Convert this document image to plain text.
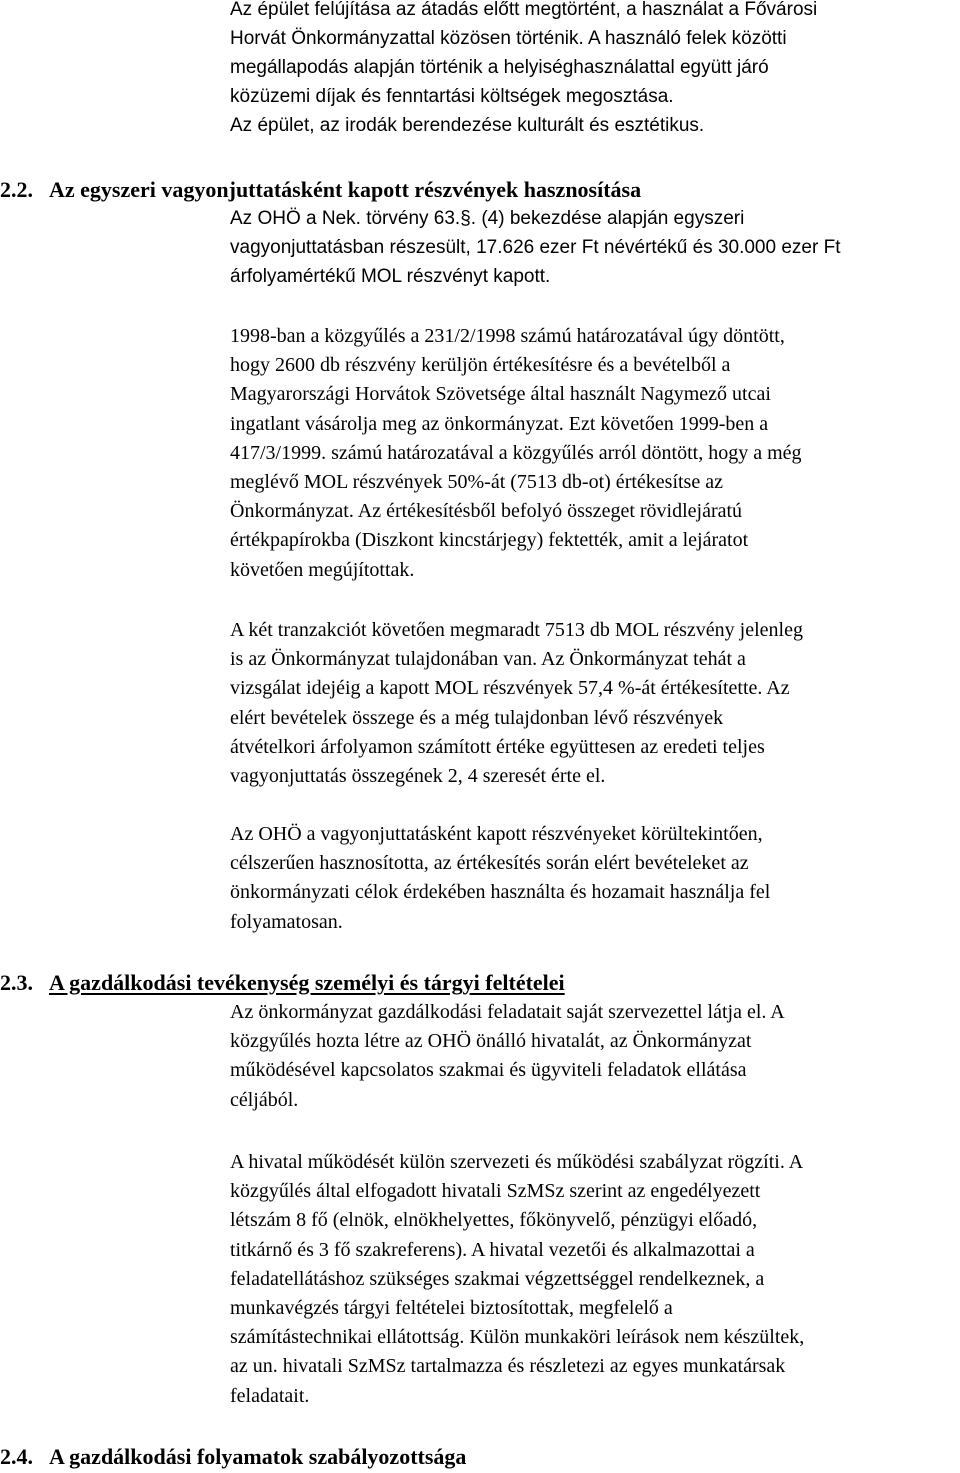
Az épület felújítása az átadás előtt megtörtént, a használat a Fővárosi
Horvát Önkormányzattal közösen történik. A használó felek közötti
megállapodás alapján történik a helyiséghasználattal együtt járó
közüzemi díjak és fenntartási költségek megosztása.
Az épület, az irodák berendezése kulturált és esztétikus.

2.2. Az egyszeri vagyonjuttatásként kapott részvények hasznosítása

Az OHÖ a Nek. törvény 63.§. (4) bekezdése alapján egyszeri
vagyonjuttatásban részesült, 17.626 ezer Ft névértékű és 30.000 ezer Ft
árfolyamértékű MOL részvényt kapott.

1998-ban a közgyűlés a 231/2/1998 számú határozatával úgy döntött,
hogy 2600 db részvény kerüljön értékesítésre és a bevételből a
Magyarországi Horvátok Szövetsége által használt Nagymező utcai
ingatlant vásárolja meg az önkormányzat. Ezt követően 1999-ben a
417/3/1999. számú határozatával a közgyűlés arról döntött, hogy a még
meglévő MOL részvények 50%-át (7513 db-ot) értékesítse az
Önkormányzat. Az értékesítésből befolyó összeget rövidlejáratú
értékpapírokba (Diszkont kincstárjegy) fektették, amit a lejáratot
követően megújítottak.

A két tranzakciót követően megmaradt 7513 db MOL részvény jelenleg
is az Önkormányzat tulajdonában van. Az Önkormányzat tehát a
vizsgálat idejéig a kapott MOL részvények 57,4 %-át értékesítette. Az
elért bevételek összege és a még tulajdonban lévő részvények
átvételkori árfolyamon számított értéke együttesen az eredeti teljes
vagyonjuttatás összegének 2, 4 szeresét érte el.

Az OHÖ a vagyonjuttatásként kapott részvényeket körültekintően,
célszerűen hasznosította, az értékesítés során elért bevételeket az
önkormányzati célok érdekében használta és hozamait használja fel
folyamatosan.

2.3. A gazdálkodási tevékenység személyi és tárgyi feltételei

Az önkormányzat gazdálkodási feladatait saját szervezettel látja el. A
közgyűlés hozta létre az OHÖ önálló hivatalát, az Önkormányzat
működésével kapcsolatos szakmai és ügyviteli feladatok ellátása
céljából.

A hivatal működését külön szervezeti és működési szabályzat rögzíti. A
közgyűlés által elfogadott hivatali SzMSz szerint az engedélyezett
létszám 8 fő (elnök, elnökhelyettes, főkönyvelő, pénzügyi előadó,
titkárnő és 3 fő szakreferens). A hivatal vezetői és alkalmazottai a
feladatellátáshoz szükséges szakmai végzettséggel rendelkeznek, a
munkavégzés tárgyi feltételei biztosítottak, megfelelő a
számítástechnikai ellátottság. Külön munkaköri leírások nem készültek,
az un. hivatali SzMSz tartalmazza és részletezi az egyes munkatársak
feladatait.

2.4. A gazdálkodási folyamatok szabályozottsága
